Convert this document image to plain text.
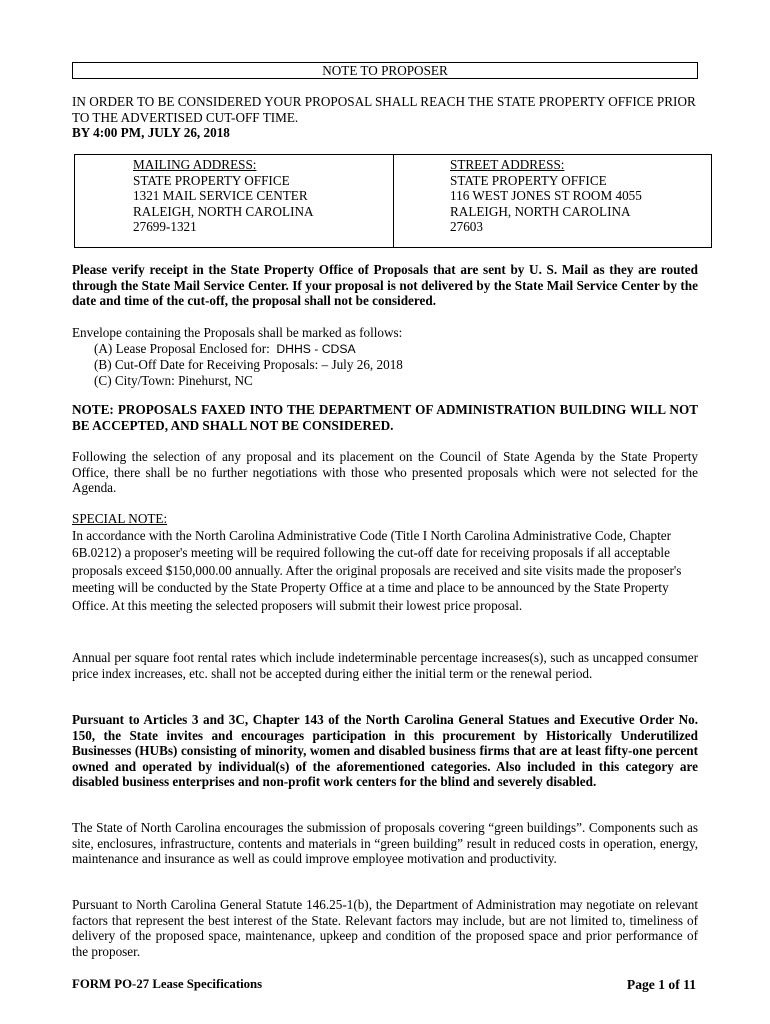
NOTE TO PROPOSER
IN ORDER TO BE CONSIDERED YOUR PROPOSAL SHALL REACH THE STATE PROPERTY OFFICE PRIOR TO THE ADVERTISED CUT-OFF TIME.
BY 4:00 PM, JULY 26, 2018
MAILING ADDRESS:
STATE PROPERTY OFFICE
1321 MAIL SERVICE CENTER
RALEIGH, NORTH CAROLINA
27699-1321
STREET ADDRESS:
STATE PROPERTY OFFICE
116 WEST JONES ST ROOM 4055
RALEIGH, NORTH CAROLINA
27603
Please verify receipt in the State Property Office of Proposals that are sent by U. S. Mail as they are routed through the State Mail Service Center. If your proposal is not delivered by the State Mail Service Center by the date and time of the cut-off, the proposal shall not be considered.
Envelope containing the Proposals shall be marked as follows:
(A) Lease Proposal Enclosed for: DHHS - CDSA
(B) Cut-Off Date for Receiving Proposals: – July 26, 2018
(C) City/Town: Pinehurst, NC
NOTE: PROPOSALS FAXED INTO THE DEPARTMENT OF ADMINISTRATION BUILDING WILL NOT BE ACCEPTED, AND SHALL NOT BE CONSIDERED.
Following the selection of any proposal and its placement on the Council of State Agenda by the State Property Office, there shall be no further negotiations with those who presented proposals which were not selected for the Agenda.
SPECIAL NOTE:
In accordance with the North Carolina Administrative Code (Title I North Carolina Administrative Code, Chapter 6B.0212) a proposer's meeting will be required following the cut-off date for receiving proposals if all acceptable proposals exceed $150,000.00 annually. After the original proposals are received and site visits made the proposer's meeting will be conducted by the State Property Office at a time and place to be announced by the State Property Office. At this meeting the selected proposers will submit their lowest price proposal.
Annual per square foot rental rates which include indeterminable percentage increases(s), such as uncapped consumer price index increases, etc. shall not be accepted during either the initial term or the renewal period.
Pursuant to Articles 3 and 3C, Chapter 143 of the North Carolina General Statues and Executive Order No. 150, the State invites and encourages participation in this procurement by Historically Underutilized Businesses (HUBs) consisting of minority, women and disabled business firms that are at least fifty-one percent owned and operated by individual(s) of the aforementioned categories. Also included in this category are disabled business enterprises and non-profit work centers for the blind and severely disabled.
The State of North Carolina encourages the submission of proposals covering “green buildings”. Components such as site, enclosures, infrastructure, contents and materials in “green building” result in reduced costs in operation, energy, maintenance and insurance as well as could improve employee motivation and productivity.
Pursuant to North Carolina General Statute 146.25-1(b), the Department of Administration may negotiate on relevant factors that represent the best interest of the State. Relevant factors may include, but are not limited to, timeliness of delivery of the proposed space, maintenance, upkeep and condition of the proposed space and prior performance of the proposer.
FORM PO-27 Lease Specifications	Page 1 of 11
